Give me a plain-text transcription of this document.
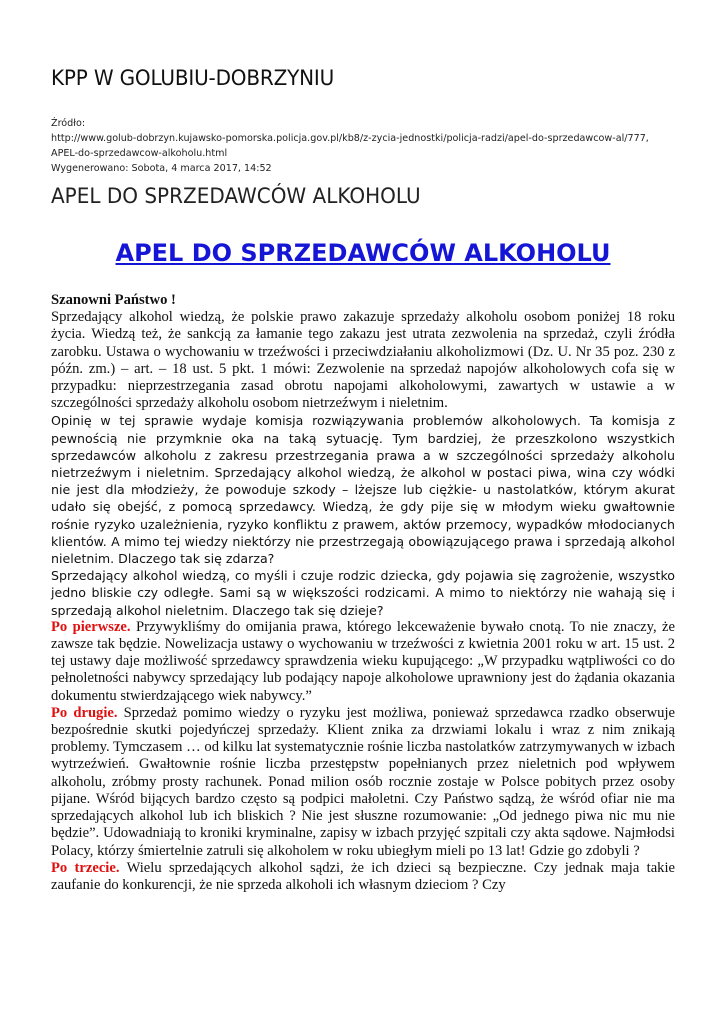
KPP W GOLUBIU-DOBRZYNIU
Źródło:
http://www.golub-dobrzyn.kujawsko-pomorska.policja.gov.pl/kb8/z-zycia-jednostki/policja-radzi/apel-do-sprzedawcow-al/777,
APEL-do-sprzedawcow-alkoholu.html
Wygenerowano: Sobota, 4 marca 2017, 14:52
APEL DO SPRZEDAWCÓW ALKOHOLU
APEL DO SPRZEDAWCÓW ALKOHOLU

Szanowni Państwo !

Sprzedający alkohol wiedzą, że polskie prawo zakazuje sprzedaży alkoholu osobom poniżej 18 roku życia. Wiedzą też, że sankcją za łamanie tego zakazu jest utrata zezwolenia na sprzedaż, czyli źródła zarobku. Ustawa o wychowaniu w trzeźwości i przeciwdziałaniu alkoholizmowi (Dz. U. Nr 35 poz. 230 z późn. zm.) – art. – 18 ust. 5 pkt. 1 mówi: Zezwolenie na sprzedaż napojów alkoholowych cofa się w przypadku: nieprzestrzegania zasad obrotu napojami alkoholowymi, zawartych w ustawie a w szczególności sprzedaży alkoholu osobom nietrzeźwym i nieletnim.

Opinię w tej sprawie wydaje komisja rozwiązywania problemów alkoholowych. Ta komisja z pewnością nie przymknie oka na taką sytuację. Tym bardziej, że przeszkolono wszystkich sprzedawców alkoholu z zakresu przestrzegania prawa a w szczególności sprzedaży alkoholu nietrzeźwym i nieletnim. Sprzedający alkohol wiedzą, że alkohol w postaci piwa, wina czy wódki nie jest dla młodzieży, że powoduje szkody – lżejsze lub ciężkie- u nastolatków, którym akurat udało się obejść, z pomocą sprzedawcy. Wiedzą, że gdy pije się w młodym wieku gwałtownie rośnie ryzyko uzależnienia, ryzyko konfliktu z prawem, aktów przemocy, wypadków młodocianych klientów. A mimo tej wiedzy niektórzy nie przestrzegają obowiązującego prawa i sprzedają alkohol nieletnim. Dlaczego tak się zdarza?

Sprzedający alkohol wiedzą, co myśli i czuje rodzic dziecka, gdy pojawia się zagrożenie, wszystko jedno bliskie czy odległe. Sami są w większości rodzicami. A mimo to niektórzy nie wahają się i sprzedają alkohol nieletnim. Dlaczego tak się dzieje?

Po pierwsze. Przywykliśmy do omijania prawa, którego lekceważenie bywało cnotą. To nie znaczy, że zawsze tak będzie. Nowelizacja ustawy o wychowaniu w trzeźwości z kwietnia 2001 roku w art. 15 ust. 2 tej ustawy daje możliwość sprzedawcy sprawdzenia wieku kupującego: „W przypadku wątpliwości co do pełnoletności nabywcy sprzedający lub podający napoje alkoholowe uprawniony jest do żądania okazania dokumentu stwierdzającego wiek nabywcy.”

Po drugie. Sprzedaż pomimo wiedzy o ryzyku jest możliwa, ponieważ sprzedawca rzadko obserwuje bezpośrednie skutki pojedyńczej sprzedaży. Klient znika za drzwiami lokalu i wraz z nim znikają problemy. Tymczasem … od kilku lat systematycznie rośnie liczba nastolatków zatrzymywanych w izbach wytrzeźwień. Gwałtownie rośnie liczba przestępstw popełnianych przez nieletnich pod wpływem alkoholu, zróbmy prosty rachunek. Ponad milion osób rocznie zostaje w Polsce pobitych przez osoby pijane. Wśród bijących bardzo często są podpici małoletni. Czy Państwo sądzą, że wśród ofiar nie ma sprzedających alkohol lub ich bliskich ? Nie jest słuszne rozumowanie: „Od jednego piwa nic mu nie będzie”. Udowadniają to kroniki kryminalne, zapisy w izbach przyjęć szpitali czy akta sądowe. Najmłodsi Polacy, którzy śmiertelnie zatruli się alkoholem w roku ubiegłym mieli po 13 lat! Gdzie go zdobyli ?

Po trzecie. Wielu sprzedających alkohol sądzi, że ich dzieci są bezpieczne. Czy jednak maja takie zaufanie do konkurencji, że nie sprzeda alkoholi ich własnym dzieciom ? Czy
